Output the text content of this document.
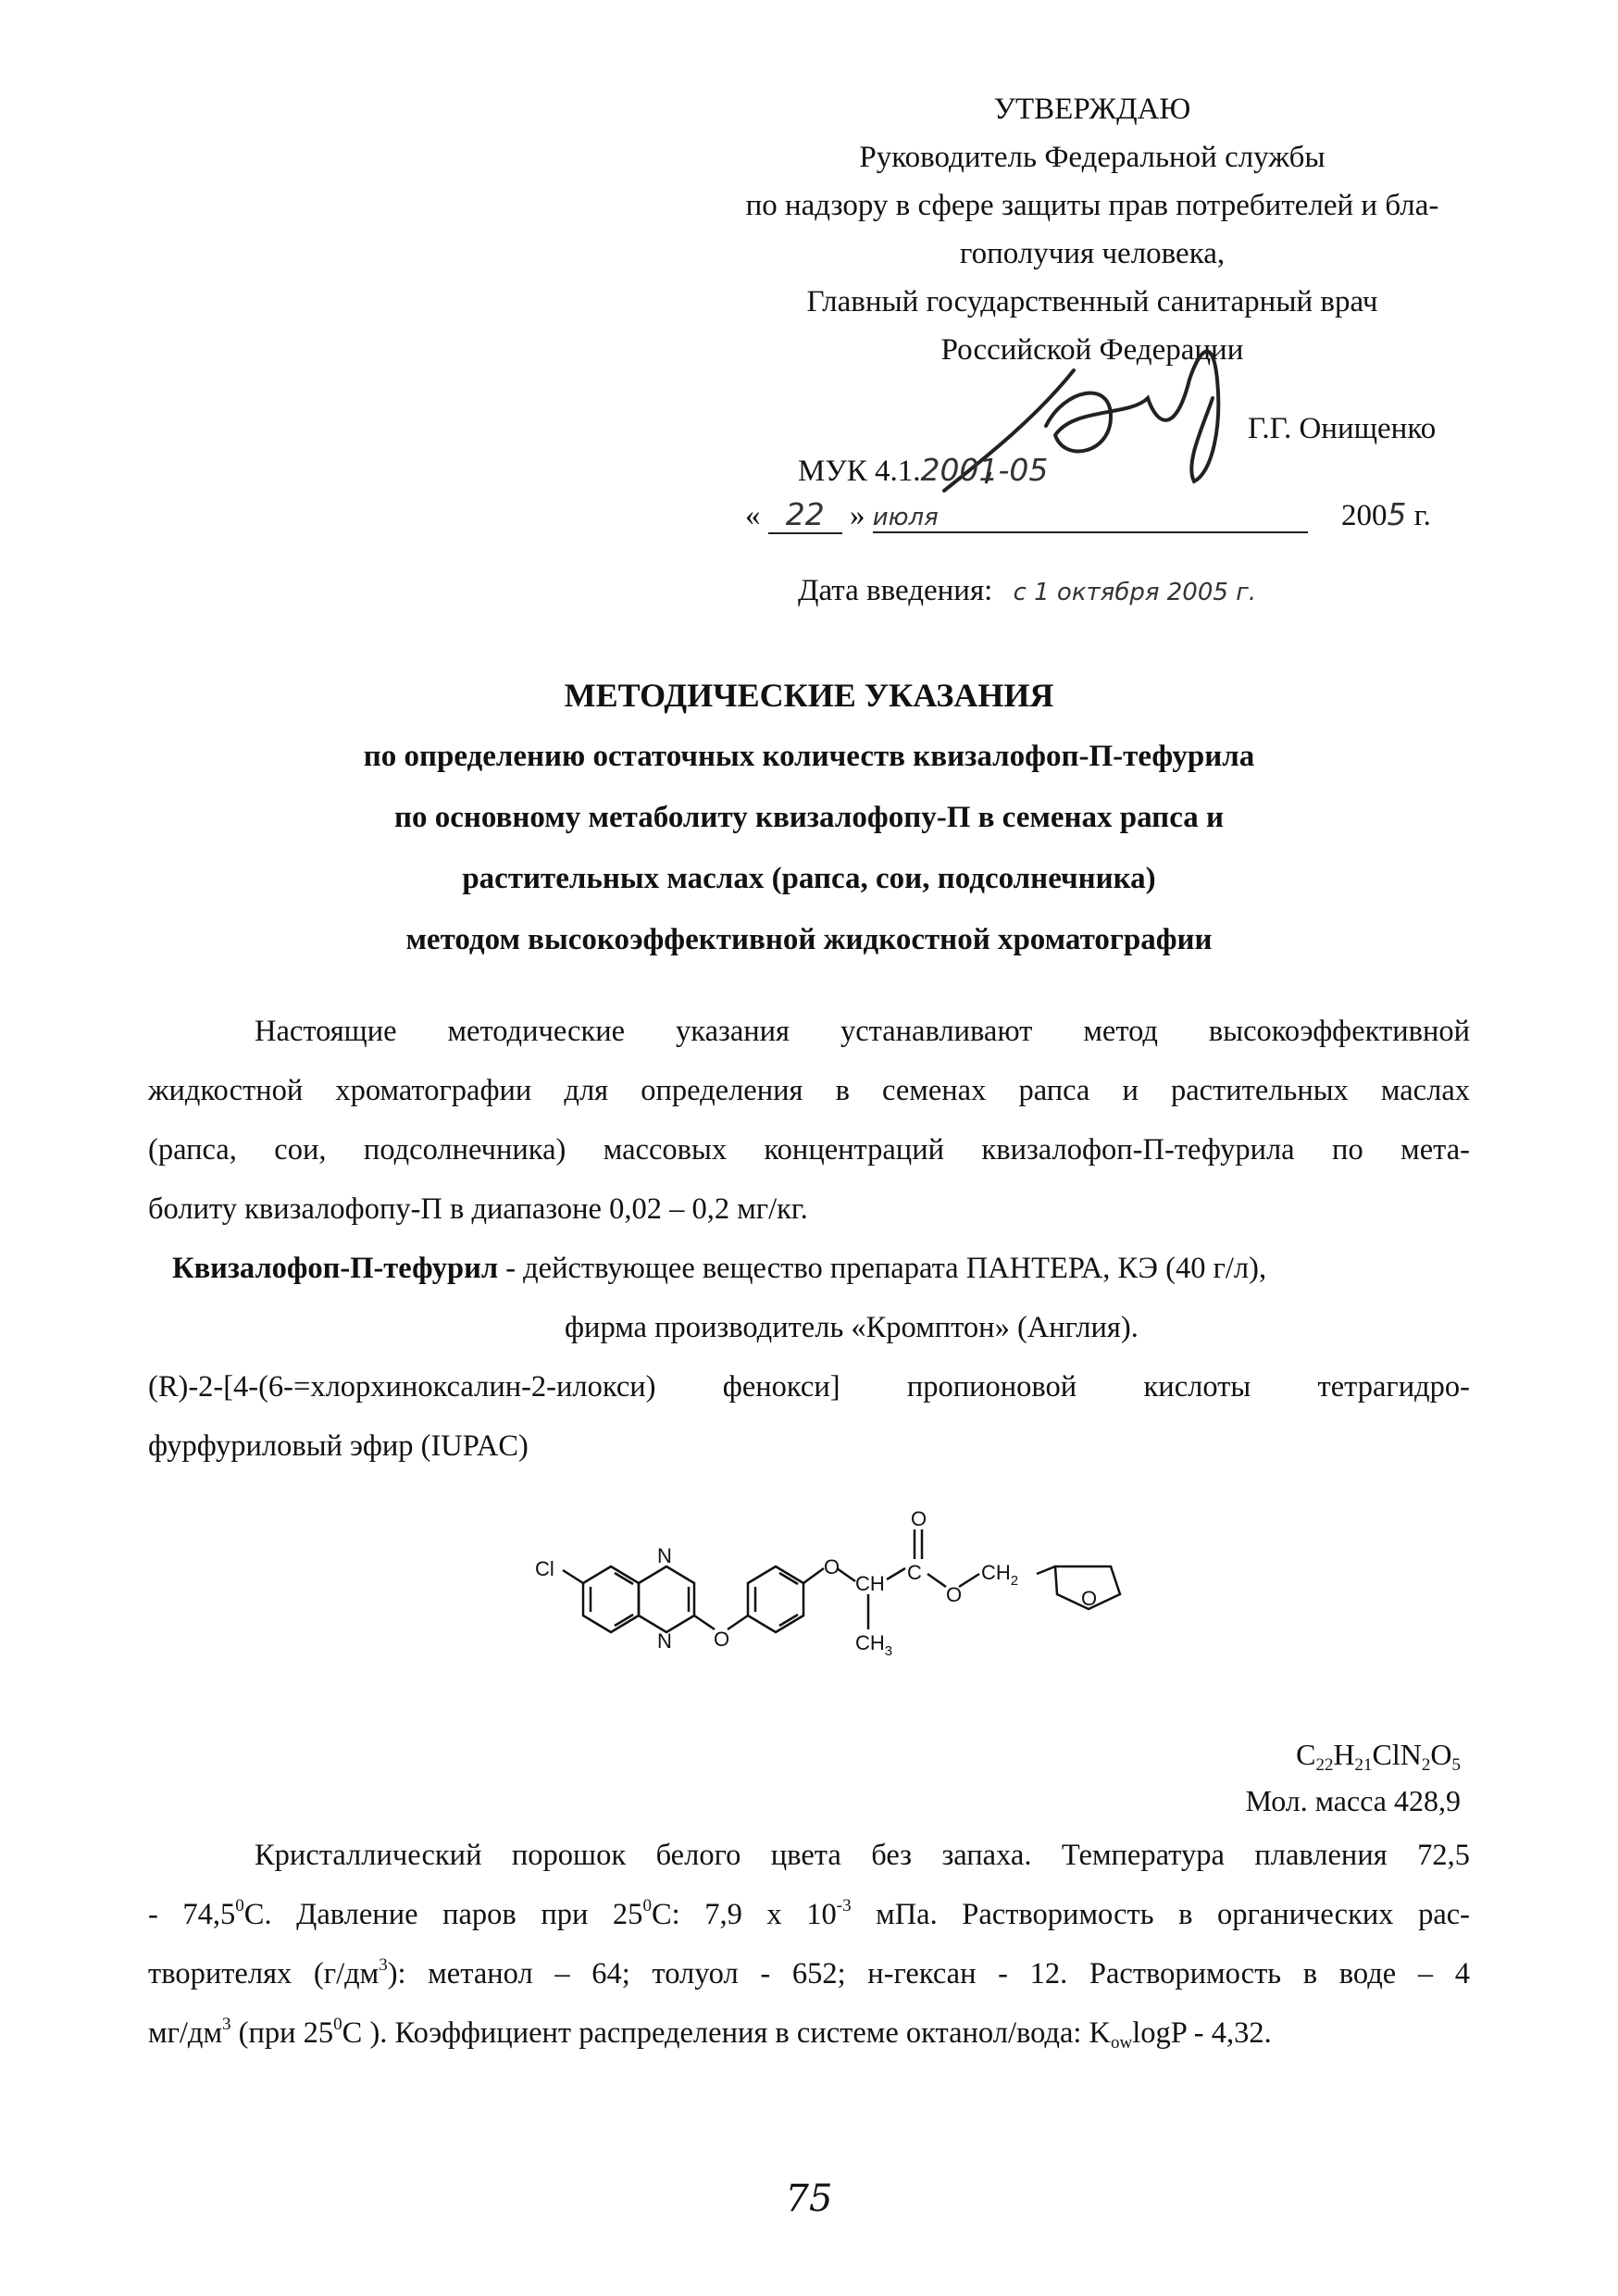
УТВЕРЖДАЮ
Руководитель Федеральной службы
по надзору в сфере защиты прав потребителей и бла-
гополучия человека,
Главный государственный санитарный врач
Российской Федерации
Г.Г. Онищенко
МУК 4.1.2001-05
« 22 » июля	2005 г.
Дата введения: с 1 октября 2005 г.
МЕТОДИЧЕСКИЕ УКАЗАНИЯ
по определению остаточных количеств квизалофоп-П-тефурила
по основному метаболиту квизалофопу-П в семенах рапса и
растительных маслах (рапса, сои, подсолнечника)
методом высокоэффективной жидкостной хроматографии
Настоящие методические указания устанавливают метод высокоэффективной
жидкостной хроматографии для определения в семенах рапса и растительных маслах
(рапса, сои, подсолнечника) массовых концентраций квизалофоп-П-тефурила по мета-
болиту квизалофопу-П в диапазоне 0,02 – 0,2 мг/кг.
Квизалофоп-П-тефурил - действующее вещество препарата ПАНТЕРА, КЭ (40 г/л),
фирма производитель «Кромптон» (Англия).
(R)-2-[4-(6-=хлорхиноксалин-2-илокси) фенокси] пропионовой кислоты тетрагидро-
фурфуриловый эфир (IUPAC)
Cl
N
N O
O
CH C
O
O
$CH_2$
O
$CH_3$
$C_{22}H_{21}ClN_2O_5$
Мол. масса 428,9
Кристаллический порошок белого цвета без запаха. Температура плавления 72,5
- 74,5$^0$С. Давление паров при $25^0С$: 7,9 x $10^{-3}$ мПа. Растворимость в органических рас-
творителях $(г/дм^3)$: метанол – 64; толуол - 652; н-гексан - 12. Растворимость в воде – 4
$мг/дм^3$ (при $25^0С$ ). Коэффициент распределения в системе октанол/вода: $K_{ow}\log P - 4,32$.
75
